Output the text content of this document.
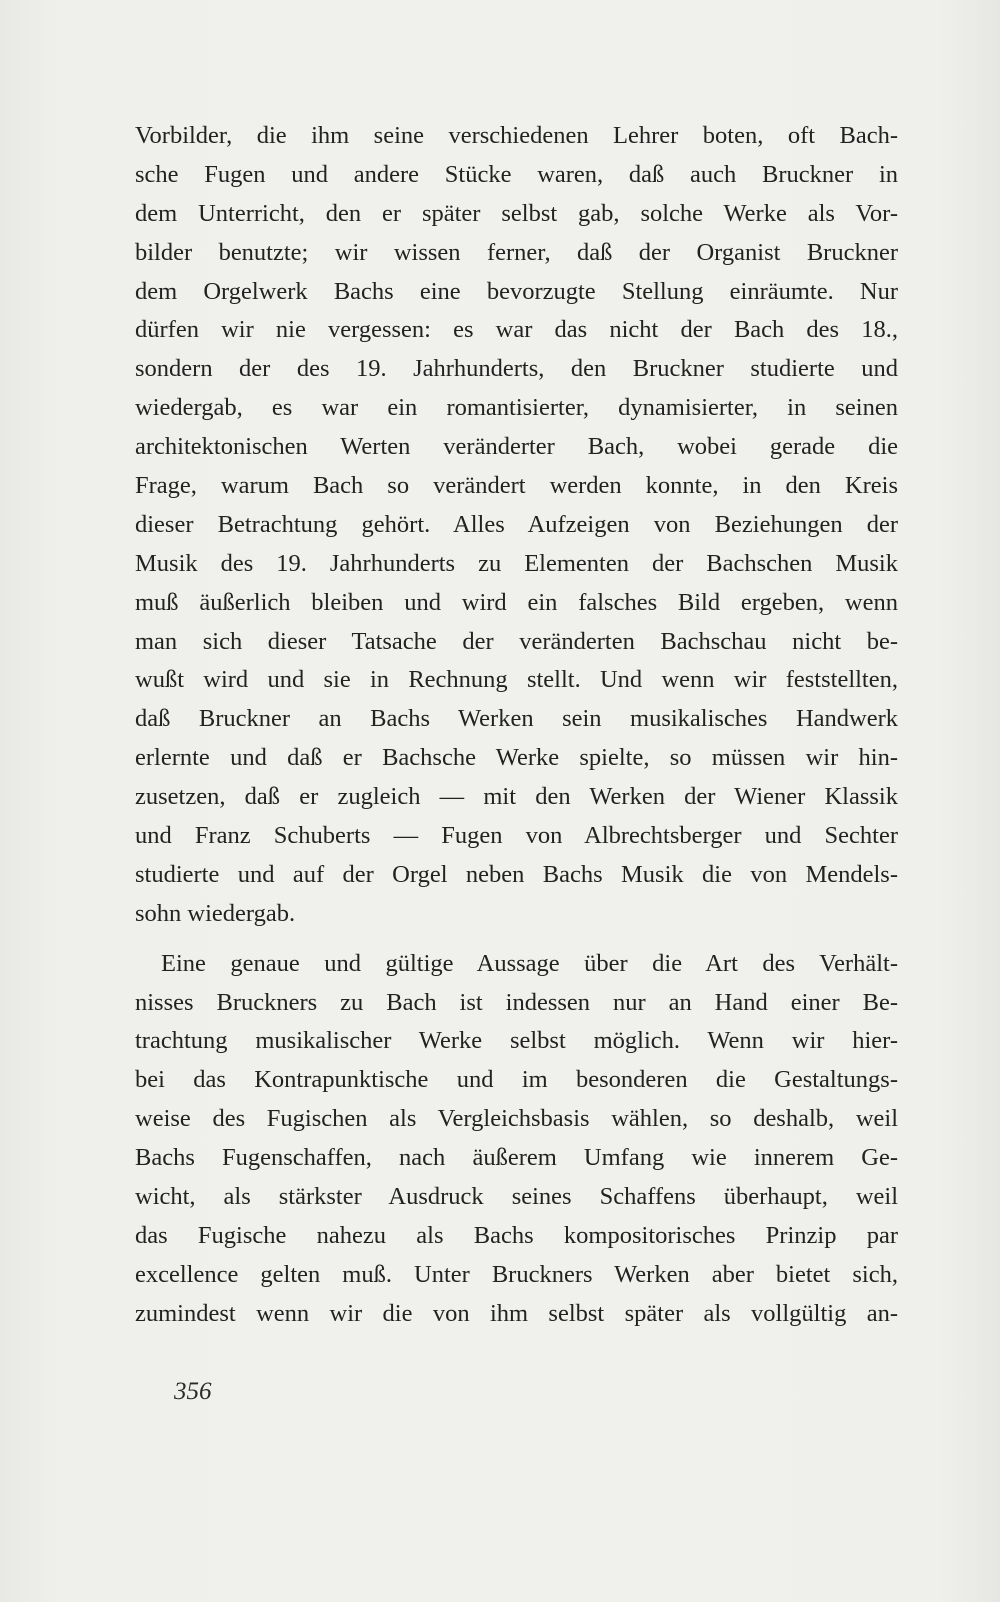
Vorbilder, die ihm seine verschiedenen Lehrer boten, oft Bach-
sche Fugen und andere Stücke waren, daß auch Bruckner in
dem Unterricht, den er später selbst gab, solche Werke als Vor-
bilder benutzte; wir wissen ferner, daß der Organist Bruckner
dem Orgelwerk Bachs eine bevorzugte Stellung einräumte. Nur
dürfen wir nie vergessen: es war das nicht der Bach des 18.,
sondern der des 19. Jahrhunderts, den Bruckner studierte und
wiedergab, es war ein romantisierter, dynamisierter, in seinen
architektonischen Werten veränderter Bach, wobei gerade die
Frage, warum Bach so verändert werden konnte, in den Kreis
dieser Betrachtung gehört. Alles Aufzeigen von Beziehungen der
Musik des 19. Jahrhunderts zu Elementen der Bachschen Musik
muß äußerlich bleiben und wird ein falsches Bild ergeben, wenn
man sich dieser Tatsache der veränderten Bachschau nicht be-
wußt wird und sie in Rechnung stellt. Und wenn wir feststellten,
daß Bruckner an Bachs Werken sein musikalisches Handwerk
erlernte und daß er Bachsche Werke spielte, so müssen wir hin-
zusetzen, daß er zugleich — mit den Werken der Wiener Klassik
und Franz Schuberts — Fugen von Albrechtsberger und Sechter
studierte und auf der Orgel neben Bachs Musik die von Mendels-
sohn wiedergab.
Eine genaue und gültige Aussage über die Art des Verhält-
nisses Bruckners zu Bach ist indessen nur an Hand einer Be-
trachtung musikalischer Werke selbst möglich. Wenn wir hier-
bei das Kontrapunktische und im besonderen die Gestaltungs-
weise des Fugischen als Vergleichsbasis wählen, so deshalb, weil
Bachs Fugenschaffen, nach äußerem Umfang wie innerem Ge-
wicht, als stärkster Ausdruck seines Schaffens überhaupt, weil
das Fugische nahezu als Bachs kompositorisches Prinzip par
excellence gelten muß. Unter Bruckners Werken aber bietet sich,
zumindest wenn wir die von ihm selbst später als vollgültig an-
356
